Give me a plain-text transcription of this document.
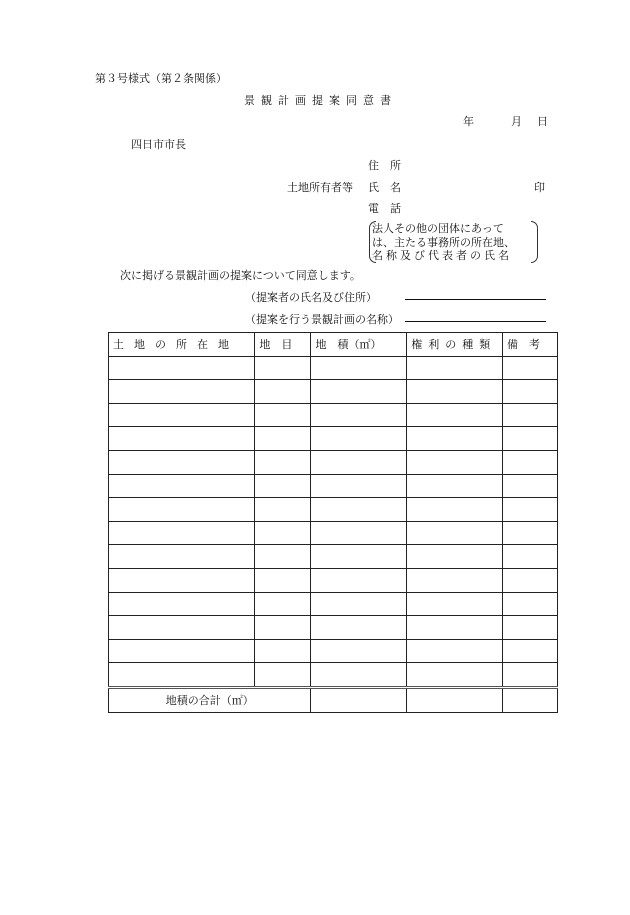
第３号様式（第２条関係）
景観計画提案同意書
年	月 日
四日市市長
住　所
土地所有者等 氏　名	印
電　話
法人その他の団体にあって
は、主たる事務所の所在地、
名称及び代表者の氏名
次に掲げる景観計画の提案について同意します。
（提案者の氏名及び住所）
（提案を行う景観計画の名称）
土地の所在地	地　目	地　積（㎡）	権利の種類	備　考

地積の合計（㎡）				
